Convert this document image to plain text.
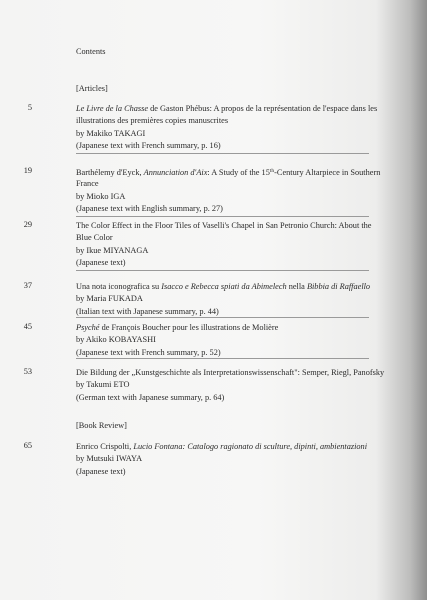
Contents
[Articles]
5	Le Livre de la Chasse de Gaston Phébus: A propos de la représentation de l'espace dans les
illustrations des premières copies manuscrites
by Makiko TAKAGI
(Japanese text with French summary, p. 16)
19	Barthélemy d'Eyck, Annunciation d'Aix: A Study of the 15th-Century Altarpiece in Southern
France
by Mioko IGA
(Japanese text with English summary, p. 27)
29	The Color Effect in the Floor Tiles of Vaselli's Chapel in San Petronio Church: About the
Blue Color
by Ikue MIYANAGA
(Japanese text)
37	Una nota iconografica su Isacco e Rebecca spiati da Abimelech nella Bibbia di Raffaello
by Maria FUKADA
(Italian text with Japanese summary, p. 44)
45	Psyché de François Boucher pour les illustrations de Molière
by Akiko KOBAYASHI
(Japanese text with French summary, p. 52)
53	Die Bildung der „Kunstgeschichte als Interpretationswissenschaft": Semper, Riegl, Panofsky
by Takumi ETO
(German text with Japanese summary, p. 64)
[Book Review]
65	Enrico Crispolti, Lucio Fontana: Catalogo ragionato di sculture, dipinti, ambientazioni
by Mutsuki IWAYA
(Japanese text)
